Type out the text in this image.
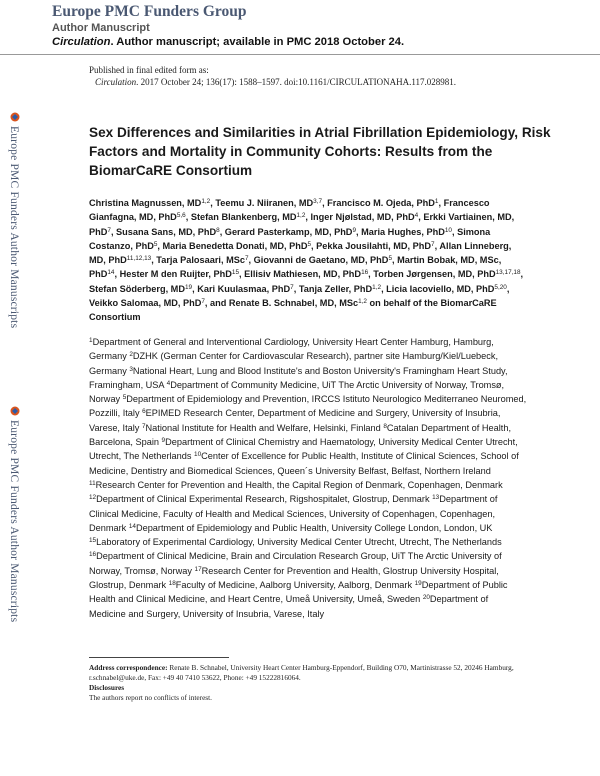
Europe PMC Funders Group
Author Manuscript
Circulation. Author manuscript; available in PMC 2018 October 24.
Published in final edited form as:
Circulation. 2017 October 24; 136(17): 1588–1597. doi:10.1161/CIRCULATIONAHA.117.028981.
Europe PMC Funders Author Manuscripts
Europe PMC Funders Author Manuscripts
Sex Differences and Similarities in Atrial Fibrillation Epidemiology, Risk Factors and Mortality in Community Cohorts: Results from the BiomarCaRE Consortium

Christina Magnussen, MD$^{1,2}$, Teemu J. Niiranen, MD$^{3,7}$, Francisco M. Ojeda, PhD$^1$, Francesco Gianfagna, MD, PhD$^{5,6}$, Stefan Blankenberg, MD$^{1,2}$, Inger Njølstad, MD, PhD$^4$, Erkki Vartiainen, MD, PhD$^7$, Susana Sans, MD, PhD$^8$, Gerard Pasterkamp, MD, PhD$^9$, Maria Hughes, PhD$^{10}$, Simona Costanzo, PhD$^5$, Maria Benedetta Donati, MD, PhD$^5$, Pekka Jousilahti, MD, PhD$^7$, Allan Linneberg, MD, PhD$^{11,12,13}$, Tarja Palosaari, MSc$^7$, Giovanni de Gaetano, MD, PhD$^5$, Martin Bobak, MD, MSc, PhD$^{14}$, Hester M den Ruijter, PhD$^{15}$, Ellisiv Mathiesen, MD, PhD$^{16}$, Torben Jørgensen, MD, PhD$^{13,17,18}$, Stefan Söderberg, MD$^{19}$, Kari Kuulasmaa, PhD$^7$, Tanja Zeller, PhD$^{1,2}$, Licia Iacoviello, MD, PhD$^{5,20}$, Veikko Salomaa, MD, PhD$^7$, and Renate B. Schnabel, MD, MSc$^{1,2}$ on behalf of the BiomarCaRE Consortium

$^1$Department of General and Interventional Cardiology, University Heart Center Hamburg, Hamburg, Germany $^2$DZHK (German Center for Cardiovascular Research), partner site Hamburg/Kiel/Luebeck, Germany $^3$National Heart, Lung and Blood Institute's and Boston University's Framingham Heart Study, Framingham, USA $^4$Department of Community Medicine, UiT The Arctic University of Norway, Tromsø, Norway $^5$Department of Epidemiology and Prevention, IRCCS Istituto Neurologico Mediterraneo Neuromed, Pozzilli, Italy $^6$EPIMED Research Center, Department of Medicine and Surgery, University of Insubria, Varese, Italy $^7$National Institute for Health and Welfare, Helsinki, Finland $^8$Catalan Department of Health, Barcelona, Spain $^9$Department of Clinical Chemistry and Haematology, University Medical Center Utrecht, Utrecht, The Netherlands $^{10}$Center of Excellence for Public Health, Institute of Clinical Sciences, School of Medicine, Dentistry and Biomedical Sciences, Queen´s University Belfast, Belfast, Northern Ireland $^{11}$Research Center for Prevention and Health, the Capital Region of Denmark, Copenhagen, Denmark $^{12}$Department of Clinical Experimental Research, Rigshospitalet, Glostrup, Denmark $^{13}$Department of Clinical Medicine, Faculty of Health and Medical Sciences, University of Copenhagen, Copenhagen, Denmark $^{14}$Department of Epidemiology and Public Health, University College London, London, UK $^{15}$Laboratory of Experimental Cardiology, University Medical Center Utrecht, Utrecht, The Netherlands $^{16}$Department of Clinical Medicine, Brain and Circulation Research Group, UiT The Arctic University of Norway, Tromsø, Norway $^{17}$Research Center for Prevention and Health, Glostrup University Hospital, Glostrup, Denmark $^{18}$Faculty of Medicine, Aalborg University, Aalborg, Denmark $^{19}$Department of Public Health and Clinical Medicine, and Heart Centre, Umeå University, Umeå, Sweden $^{20}$Department of Medicine and Surgery, University of Insubria, Varese, Italy

Address correspondence: Renate B. Schnabel, University Heart Center Hamburg-Eppendorf, Building O70, Martinistrasse 52, 20246 Hamburg, r.schnabel@uke.de, Fax: +49 40 7410 53622, Phone: +49 15222816064.
Disclosures
The authors report no conflicts of interest.
